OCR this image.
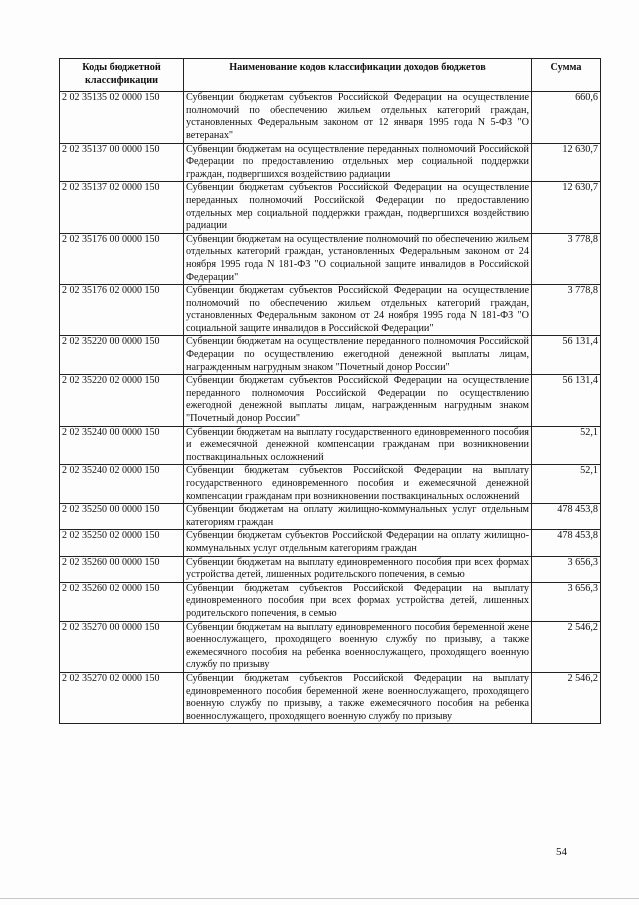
Коды бюджетной классификации	Наименование кодов классификации доходов бюджетов	Сумма
2 02 35135 02 0000 150	Субвенции бюджетам субъектов Российской Федерации на осуществление полномочий по обеспечению жильем отдельных категорий граждан, установленных Федеральным законом от 12 января 1995 года N 5-ФЗ "О ветеранах"	660,6
2 02 35137 00 0000 150	Субвенции бюджетам на осуществление переданных полномочий Российской Федерации по предоставлению отдельных мер социальной поддержки граждан, подвергшихся воздействию радиации	12 630,7
2 02 35137 02 0000 150	Субвенции бюджетам субъектов Российской Федерации на осуществление переданных полномочий Российской Федерации по предоставлению отдельных мер социальной поддержки граждан, подвергшихся воздействию радиации	12 630,7
2 02 35176 00 0000 150	Субвенции бюджетам на осуществление полномочий по обеспечению жильем отдельных категорий граждан, установленных Федеральным законом от 24 ноября 1995 года N 181-ФЗ "О социальной защите инвалидов в Российской Федерации"	3 778,8
2 02 35176 02 0000 150	Субвенции бюджетам субъектов Российской Федерации на осуществление полномочий по обеспечению жильем отдельных категорий граждан, установленных Федеральным законом от 24 ноября 1995 года N 181-ФЗ "О социальной защите инвалидов в Российской Федерации"	3 778,8
2 02 35220 00 0000 150	Субвенции бюджетам на осуществление переданного полномочия Российской Федерации по осуществлению ежегодной денежной выплаты лицам, награжденным нагрудным знаком "Почетный донор России"	56 131,4
2 02 35220 02 0000 150	Субвенции бюджетам субъектов Российской Федерации на осуществление переданного полномочия Российской Федерации по осуществлению ежегодной денежной выплаты лицам, награжденным нагрудным знаком "Почетный донор России"	56 131,4
2 02 35240 00 0000 150	Субвенции бюджетам на выплату государственного единовременного пособия и ежемесячной денежной компенсации гражданам при возникновении поствакцинальных осложнений	52,1
2 02 35240 02 0000 150	Субвенции бюджетам субъектов Российской Федерации на выплату государственного единовременного пособия и ежемесячной денежной компенсации гражданам при возникновении поствакцинальных осложнений	52,1
2 02 35250 00 0000 150	Субвенции бюджетам на оплату жилищно-коммунальных услуг отдельным категориям граждан	478 453,8
2 02 35250 02 0000 150	Субвенции бюджетам субъектов Российской Федерации на оплату жилищно-коммунальных услуг отдельным категориям граждан	478 453,8
2 02 35260 00 0000 150	Субвенции бюджетам на выплату единовременного пособия при всех формах устройства детей, лишенных родительского попечения, в семью	3 656,3
2 02 35260 02 0000 150	Субвенции бюджетам субъектов Российской Федерации на выплату единовременного пособия при всех формах устройства детей, лишенных родительского попечения, в семью	3 656,3
2 02 35270 00 0000 150	Субвенции бюджетам на выплату единовременного пособия беременной жене военнослужащего, проходящего военную службу по призыву, а также ежемесячного пособия на ребенка военнослужащего, проходящего военную службу по призыву	2 546,2
2 02 35270 02 0000 150	Субвенции бюджетам субъектов Российской Федерации на выплату единовременного пособия беременной жене военнослужащего, проходящего военную службу по призыву, а также ежемесячного пособия на ребенка военнослужащего, проходящего военную службу по призыву	2 546,2
54
